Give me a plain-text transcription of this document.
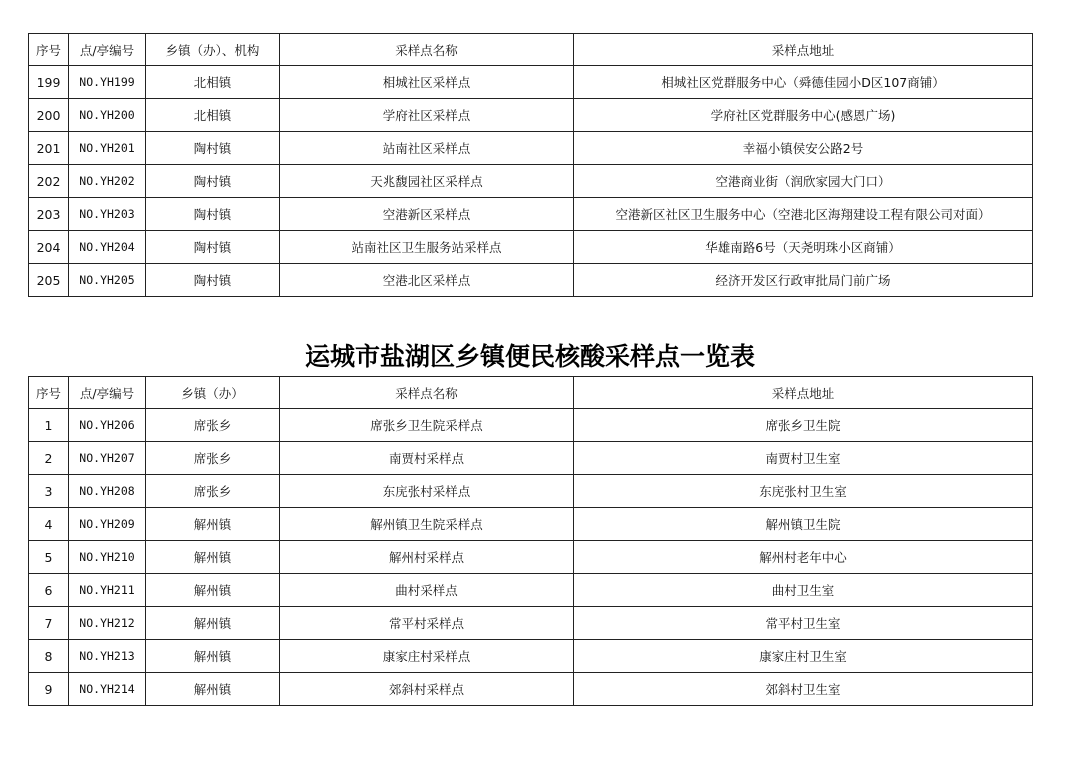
序号	点/亭编号	乡镇（办）、机构	采样点名称	采样点地址
199	NO.YH199	北相镇	相城社区采样点	相城社区党群服务中心（舜德佳园小D区107商铺）
200	NO.YH200	北相镇	学府社区采样点	学府社区党群服务中心(感恩广场)
201	NO.YH201	陶村镇	站南社区采样点	幸福小镇侯安公路2号
202	NO.YH202	陶村镇	天兆馥园社区采样点	空港商业街（润欣家园大门口）
203	NO.YH203	陶村镇	空港新区采样点	空港新区社区卫生服务中心（空港北区海翔建设工程有限公司对面）
204	NO.YH204	陶村镇	站南社区卫生服务站采样点	华雄南路6号（天尧明珠小区商铺）
205	NO.YH205	陶村镇	空港北区采样点	经济开发区行政审批局门前广场
运城市盐湖区乡镇便民核酸采样点一览表
序号	点/亭编号	乡镇（办）	采样点名称	采样点地址
1	NO.YH206	席张乡	席张乡卫生院采样点	席张乡卫生院
2	NO.YH207	席张乡	南贾村采样点	南贾村卫生室
3	NO.YH208	席张乡	东庑张村采样点	东庑张村卫生室
4	NO.YH209	解州镇	解州镇卫生院采样点	解州镇卫生院
5	NO.YH210	解州镇	解州村采样点	解州村老年中心
6	NO.YH211	解州镇	曲村采样点	曲村卫生室
7	NO.YH212	解州镇	常平村采样点	常平村卫生室
8	NO.YH213	解州镇	康家庄村采样点	康家庄村卫生室
9	NO.YH214	解州镇	郊斜村采样点	郊斜村卫生室
